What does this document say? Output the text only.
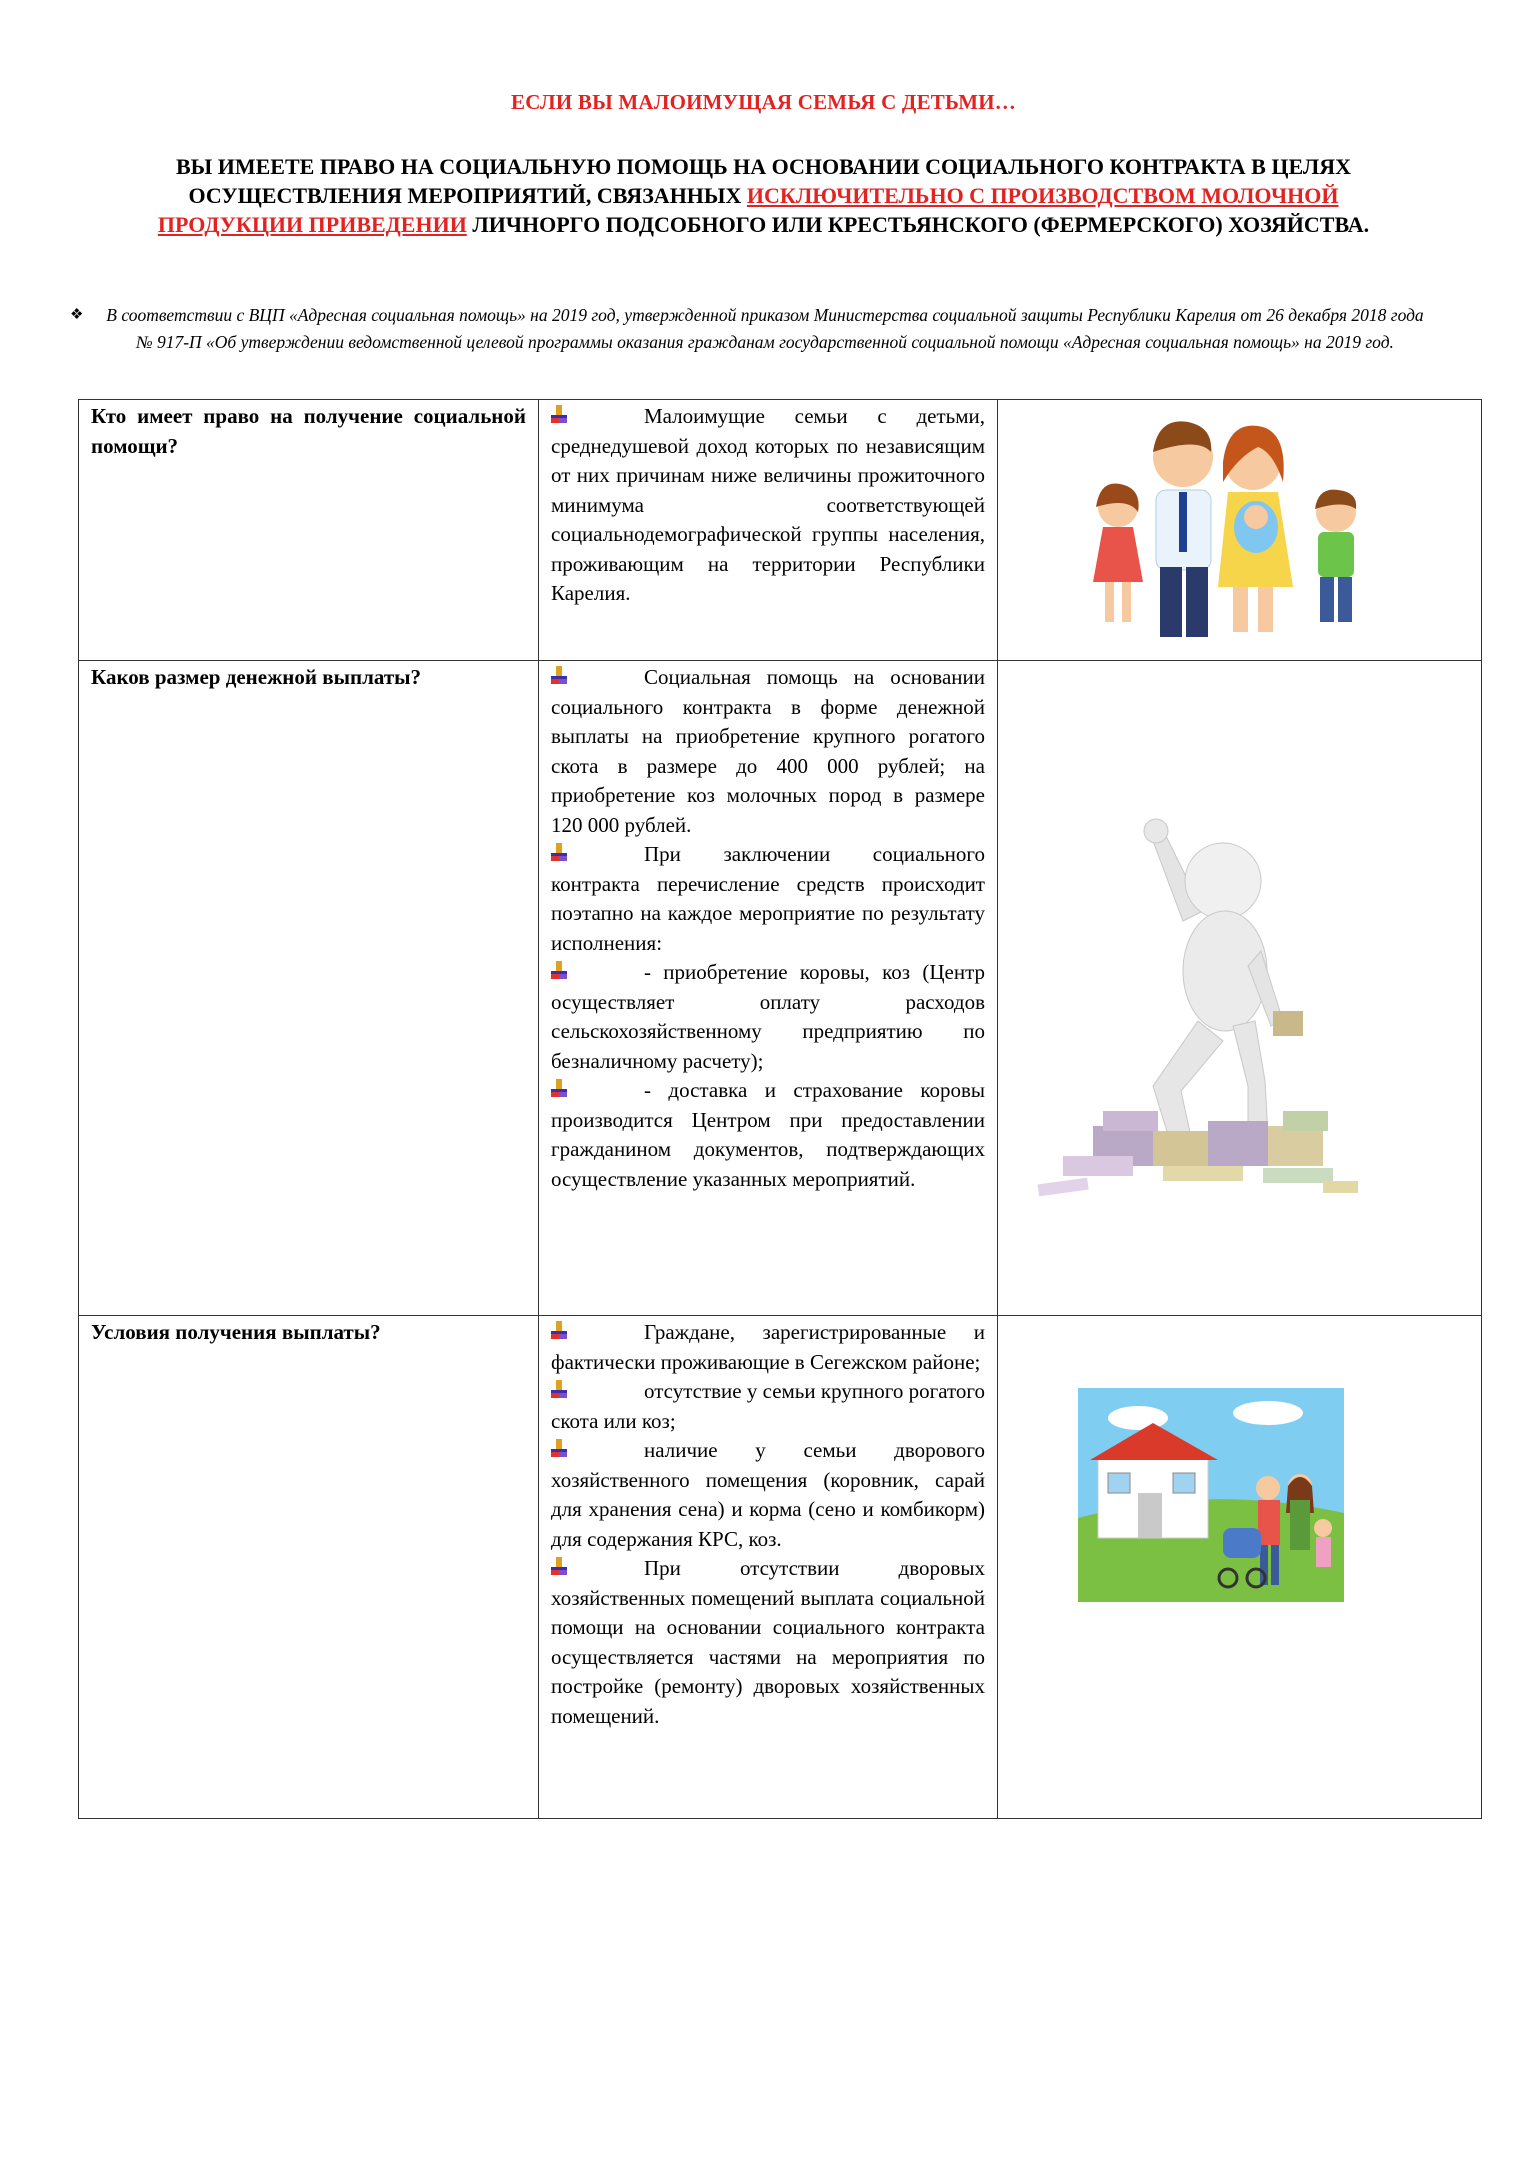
ЕСЛИ ВЫ МАЛОИМУЩАЯ СЕМЬЯ С ДЕТЬМИ…
ВЫ ИМЕЕТЕ ПРАВО НА СОЦИАЛЬНУЮ ПОМОЩЬ НА ОСНОВАНИИ СОЦИАЛЬНОГО КОНТРАКТА В ЦЕЛЯХ ОСУЩЕСТВЛЕНИЯ МЕРОПРИЯТИЙ, СВЯЗАННЫХ ИСКЛЮЧИТЕЛЬНО С ПРОИЗВОДСТВОМ МОЛОЧНОЙ ПРОДУКЦИИ ПРИВЕДЕНИИ ЛИЧНОРГО ПОДСОБНОГО ИЛИ КРЕСТЬЯНСКОГО (ФЕРМЕРСКОГО) ХОЗЯЙСТВА.
❖	В соответствии с ВЦП «Адресная социальная помощь» на 2019 год, утвержденной приказом Министерства социальной защиты Республики Карелия от 26 декабря 2018 года № 917-П «Об утверждении ведомственной целевой программы оказания гражданам государственной социальной помощи «Адресная социальная помощь» на 2019 год.
Кто имеет право на получение социальной помощи?	Малоимущие семьи с детьми, среднедушевой доход которых по независящим от них причинам ниже величины прожиточного минимума соответствующей социальнодемографической группы населения, проживающим на территории Республики Карелия.

Каков размер денежной выплаты?	Социальная помощь на основании социального контракта в форме денежной выплаты на приобретение крупного рогатого скота в размере до 400 000 рублей; на приобретение коз молочных пород в размере 120 000 рублей.

При заключении социального контракта перечисление средств происходит поэтапно на каждое мероприятие по результату исполнения:

- приобретение коровы, коз (Центр осуществляет оплату расходов сельскохозяйственному предприятию по безналичному расчету);

- доставка и страхование коровы производится Центром при предоставлении гражданином документов, подтверждающих осуществление указанных мероприятий.

Условия получения выплаты?	Граждане, зарегистрированные и фактически проживающие в Сегежском районе;

отсутствие у семьи крупного рогатого скота или коз;

наличие у семьи дворового хозяйственного помещения (коровник, сарай для хранения сена) и корма (сено и комбикорм) для содержания КРС, коз.

При отсутствии дворовых хозяйственных помещений выплата социальной помощи на основании социального контракта осуществляется частями на мероприятия по постройке (ремонту) дворовых хозяйственных помещений.
